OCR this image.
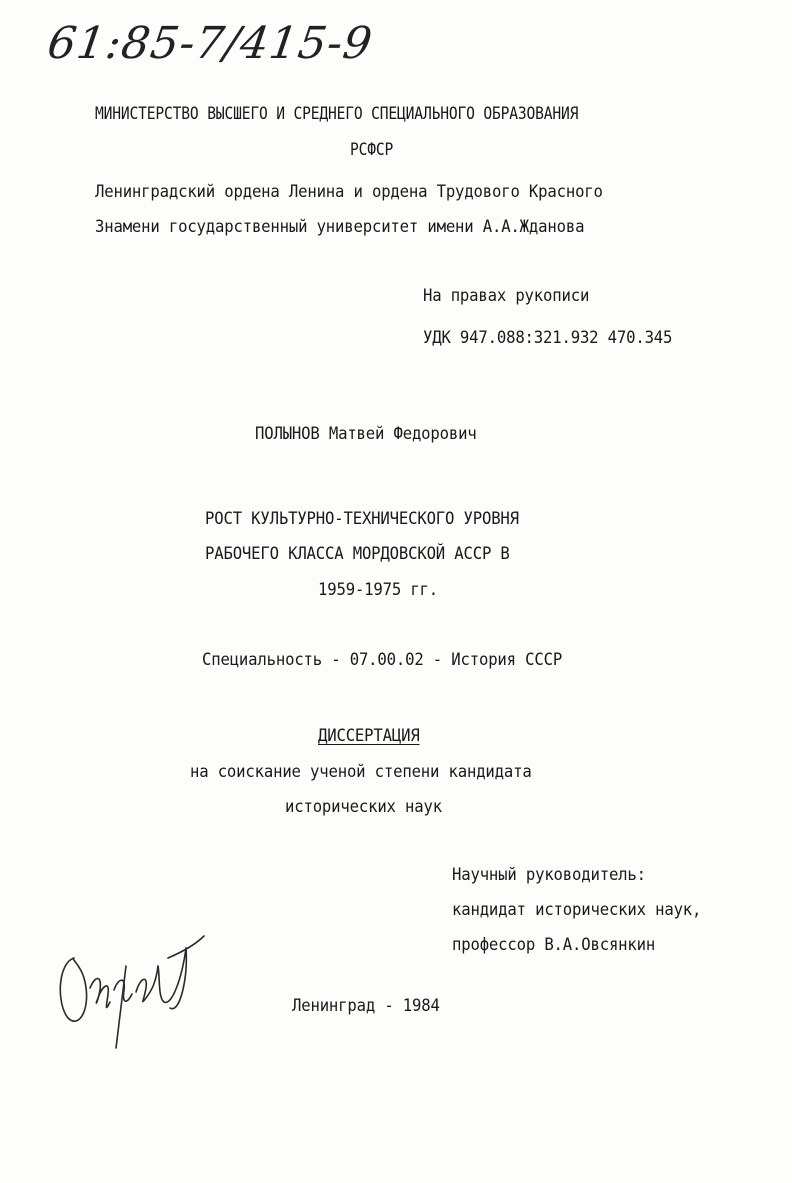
61:85-7/415-9
МИНИСТЕРСТВО ВЫСШЕГО И СРЕДНЕГО СПЕЦИАЛЬНОГО ОБРАЗОВАНИЯ
РСФСР
Ленинградский ордена Ленина и ордена Трудового Красного
Знамени государственный университет имени А.А.Жданова
На правах рукописи
УДК 947.088:321.932 470.345
ПОЛЫНОВ Матвей Федорович
РОСТ КУЛЬТУРНО-ТЕХНИЧЕСКОГО УРОВНЯ
РАБОЧЕГО КЛАССА МОРДОВСКОЙ АССР В
1959-1975 гг.
Специальность - 07.00.02 - История СССР
ДИССЕРТАЦИЯ
на соискание ученой степени кандидата
исторических наук
Научный руководитель:
кандидат исторических наук,
профессор В.А.Овсянкин
Ленинград - 1984
